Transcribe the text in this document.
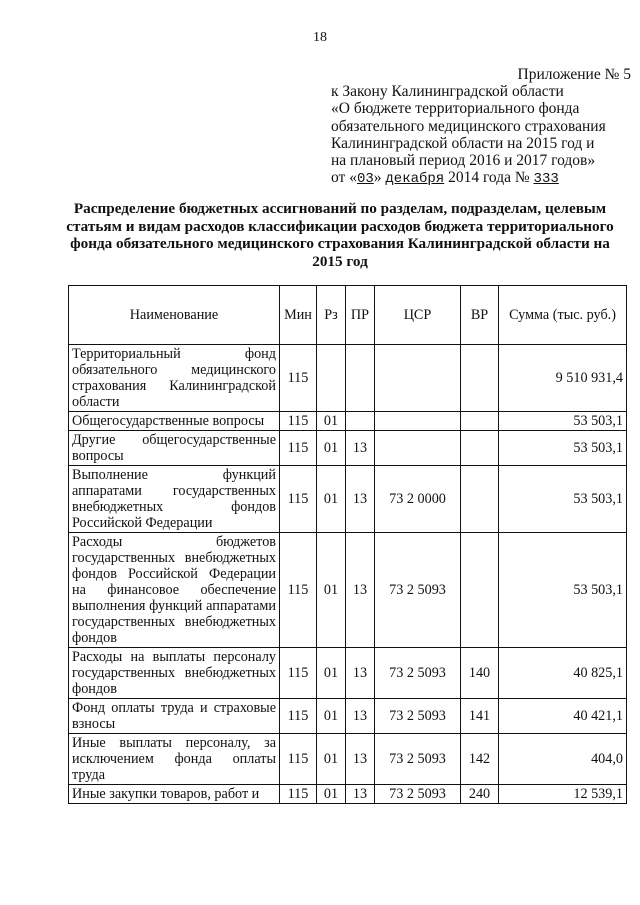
18
Приложение № 5
к Закону Калининградской области
«О бюджете территориального фонда
обязательного медицинского страхования
Калининградской области на 2015 год и
на плановый период 2016 и 2017 годов»
от «03» декабря 2014 года № 333
Распределение бюджетных ассигнований по разделам, подразделам, целевым статьям и видам расходов классификации расходов бюджета территориального фонда обязательного медицинского страхования Калининградской области на 2015 год
Наименование	Мин	Рз	ПР	ЦСР	ВР	Сумма (тыс. руб.)
Территориальный фонд обязательного медицинского страхования Калининградской области	115					9 510 931,4
Общегосударственные вопросы	115	01				53 503,1
Другие общегосударственные вопросы	115	01	13			53 503,1
Выполнение функций аппаратами государственных внебюджетных фондов Российской Федерации	115	01	13	73 2 0000		53 503,1
Расходы бюджетов государственных внебюджетных фондов Российской Федерации на финансовое обеспечение выполнения функций аппаратами государственных внебюджетных фондов	115	01	13	73 2 5093		53 503,1
Расходы на выплаты персоналу государственных внебюджетных фондов	115	01	13	73 2 5093	140	40 825,1
Фонд оплаты труда и страховые взносы	115	01	13	73 2 5093	141	40 421,1
Иные выплаты персоналу, за исключением фонда оплаты труда	115	01	13	73 2 5093	142	404,0
Иные закупки товаров, работ и	115	01	13	73 2 5093	240	12 539,1
